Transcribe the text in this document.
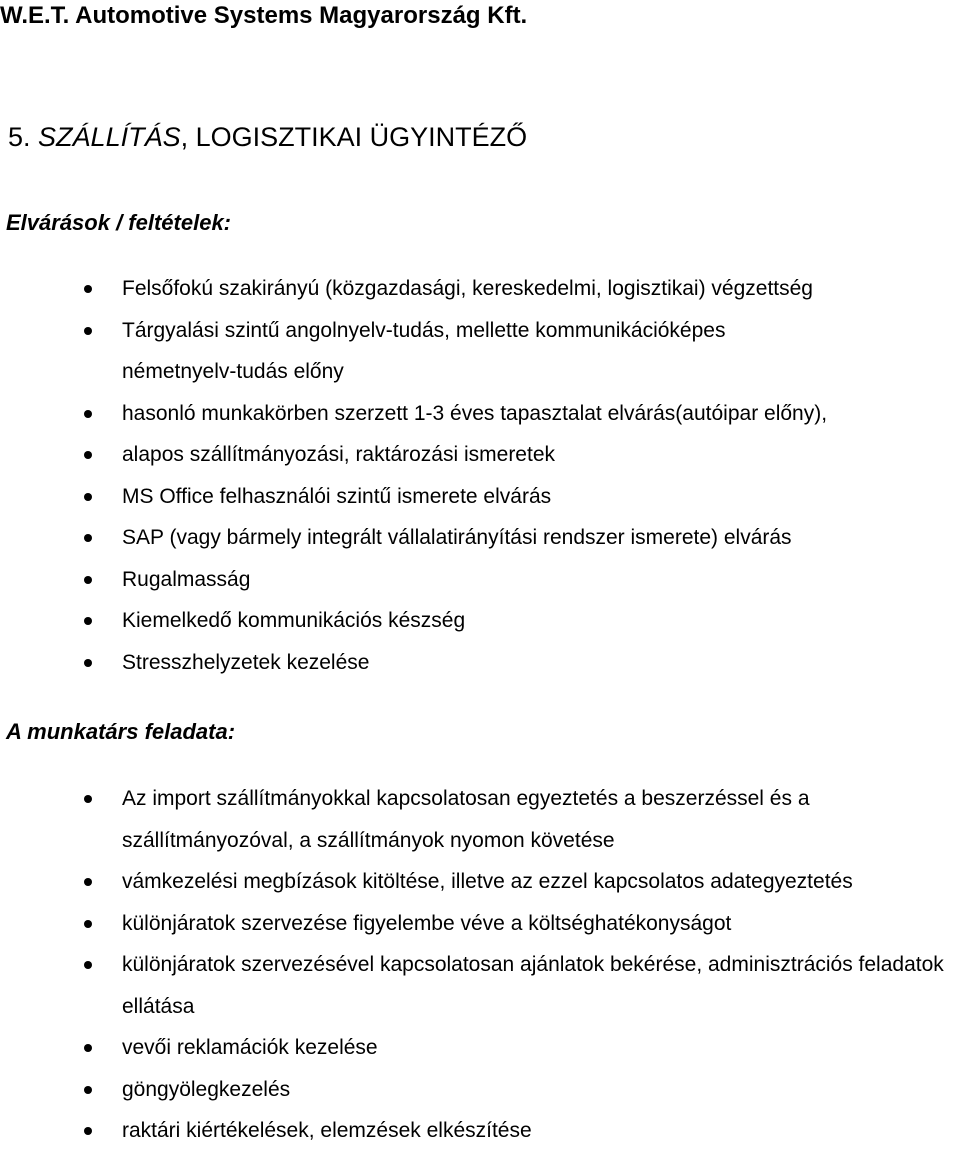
W.E.T. Automotive Systems Magyarország Kft.
5. SZÁLLÍTÁS, LOGISZTIKAI ÜGYINTÉZŐ
Elvárások / feltételek:
Felsőfokú szakirányú (közgazdasági, kereskedelmi, logisztikai) végzettség
Tárgyalási szintű angolnyelv-tudás, mellette kommunikációképes németnyelv-tudás előny
hasonló munkakörben szerzett 1-3 éves tapasztalat elvárás(autóipar előny),
alapos szállítmányozási, raktározási ismeretek
MS Office felhasználói szintű ismerete elvárás
SAP (vagy bármely integrált vállalatirányítási rendszer ismerete) elvárás
Rugalmasság
Kiemelkedő kommunikációs készség
Stresszhelyzetek kezelése
A munkatárs feladata:
Az import szállítmányokkal kapcsolatosan egyeztetés a beszerzéssel és a szállítmányozóval, a szállítmányok nyomon követése
vámkezelési megbízások kitöltése, illetve az ezzel kapcsolatos adategyeztetés
különjáratok szervezése figyelembe véve a költséghatékonyságot
különjáratok szervezésével kapcsolatosan ajánlatok bekérése, adminisztrációs feladatok ellátása
vevői reklamációk kezelése
göngyölegkezelés
raktári kiértékelések, elemzések elkészítése
